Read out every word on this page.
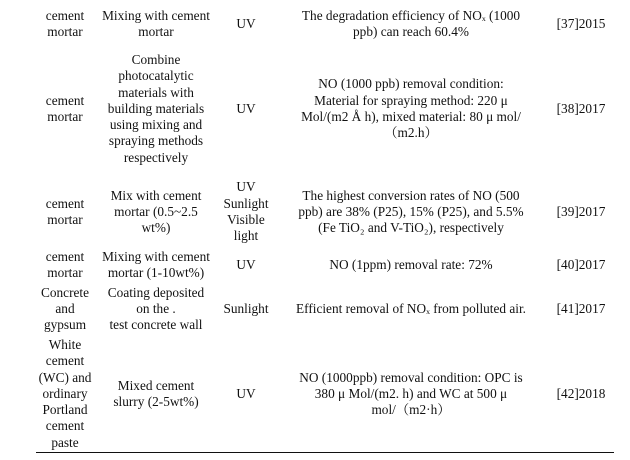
cement
mortar
Mixing with cement
mortar
UV
The degradation efficiency of NOₓ (1000
ppb) can reach 60.4%
[37]2015
cement
mortar
Combine
photocatalytic
materials with
building materials
using mixing and
spraying methods
respectively
UV
NO (1000 ppb) removal condition:
Material for spraying method: 220 μ
Mol/(m2 Å h), mixed material: 80 μ mol/
（m2.h）
[38]2017
cement
mortar
Mix with cement
mortar (0.5~2.5
wt%)
UV
Sunlight
Visible
light
The highest conversion rates of NO (500
ppb) are 38% (P25), 15% (P25), and 5.5%
(Fe TiO₂ and V-TiO₂), respectively
[39]2017
cement
mortar
Mixing with cement
mortar (1-10wt%)
UV	NO (1ppm) removal rate: 72%	[40]2017
Concrete
and
gypsum
Coating deposited
on the .
test concrete wall
Sunlight Efficient removal of NOₓ from polluted air. [41]2017
White
cement
(WC) and
ordinary
Portland
cement
paste
Mixed cement
slurry (2-5wt%)
UV
NO (1000ppb) removal condition: OPC is
380 μ Mol/(m2. h) and WC at 500 μ
mol/（m2·h）
[42]2018
